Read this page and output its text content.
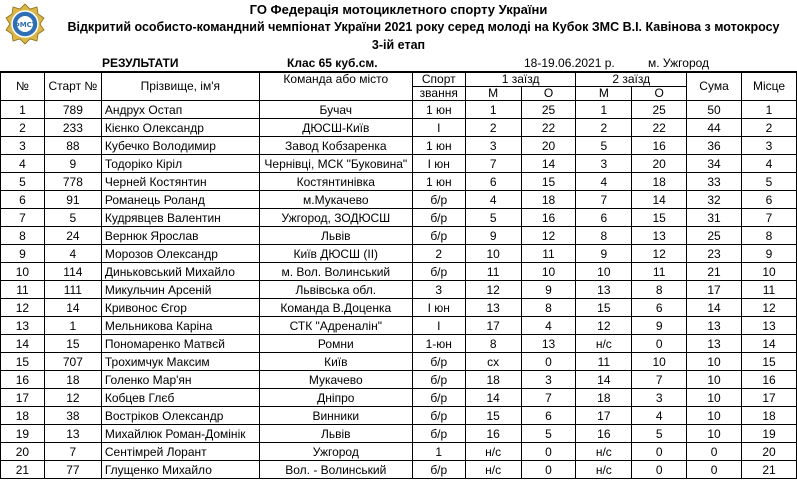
ФМСУ
ГО Федерація мотоциклетного спорту України
Відкритий особисто-командний чемпіонат України 2021 року серед молоді на Кубок ЗМС В.І. Кавінова з мотокросу
3-ій етап
РЕЗУЛЬТАТИ	Клас 65 куб.см.	18-19.06.2021 р.	м. Ужгород
№	Старт №	Прізвище, ім'я	Команда або місто	Спорт	1 заїзд		2 заїзд		Сума	Місце
				звання	М	О	М	О		
1	789	Андрух Остап	Бучач	1 юн	1	25	1	25	50	1
2	233	Кієнко Олександр	ДЮСШ-Київ	І	2	22	2	22	44	2
3	88	Кубечко Володимир	Завод Кобзаренка	1 юн	3	20	5	16	36	3
4	9	Тодоріко Кіріл	Чернівці, МСК "Буковина"	І юн	7	14	3	20	34	4
5	778	Черней Костянтин	Костянтинівка	1 юн	6	15	4	18	33	5
6	91	Романець Роланд	м.Мукачево	б/р	4	18	7	14	32	6
7	5	Кудрявцев Валентин	Ужгород, ЗОДЮСШ	б/р	5	16	6	15	31	7
8	24	Вернюк Ярослав	Львів	б/р	9	12	8	13	25	8
9	4	Морозов Олександр	Київ ДЮСШ (ІІ)	2	10	11	9	12	23	9
10	114	Диньковський Михайло	м. Вол. Волинський	б/р	11	10	10	11	21	10
11	111	Микульчин Арсеній	Львівська обл.	3	12	9	13	8	17	11
12	14	Кривонос Єгор	Команда В.Доценка	І юн	13	8	15	6	14	12
13	1	Мельникова Каріна	СТК "Адреналін"	І	17	4	12	9	13	13
14	15	Пономаренко Матвєй	Ромни	1-юн	8	13	н/с	0	13	14
15	707	Трохимчук Максим	Київ	б/р	сх	0	11	10	10	15
16	18	Голенко Мар'ян	Мукачево	б/р	18	3	14	7	10	16
17	12	Кобцев Глєб	Дніпро	б/р	14	7	18	3	10	17
18	38	Востріков Олександр	Винники	б/р	15	6	17	4	10	18
19	13	Михайлюк Роман-Домінік	Львів	б/р	16	5	16	5	10	19
20	7	Сентімрей Лорант	Ужгород	1	н/с	0	н/с	0	0	20
21	77	Глущенко Михайло	Вол. - Волинський	б/р	н/с	0	н/с	0	0	21
